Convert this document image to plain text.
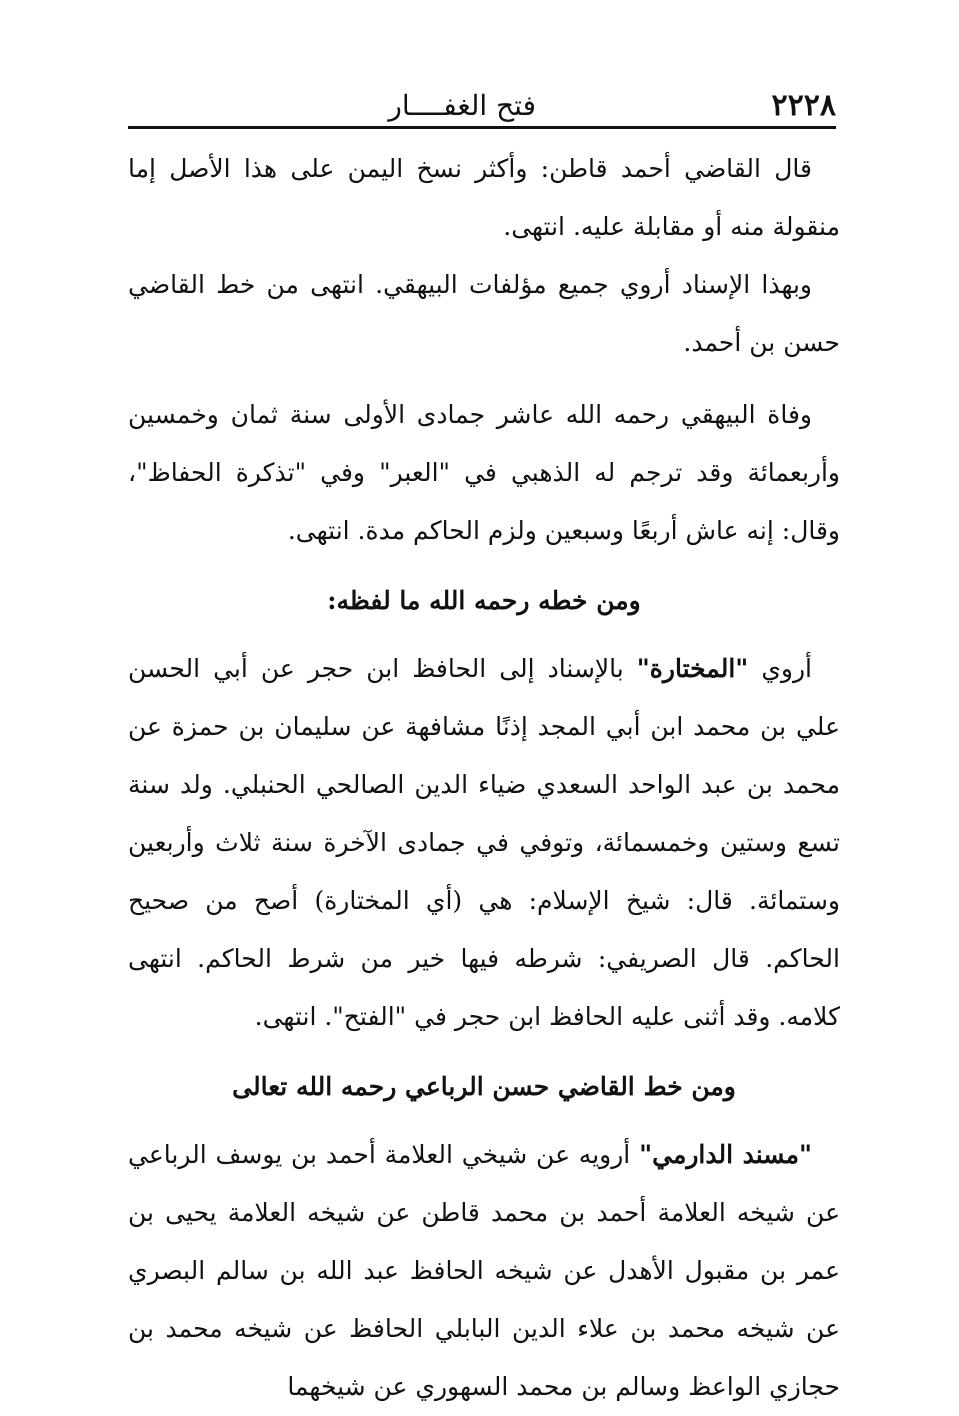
٢٢٢٨
فتح الغفــــار

قال القاضي أحمد قاطن: وأكثر نسخ اليمن على هذا الأصل إما منقولة منه أو مقابلة عليه. انتهى.

وبهذا الإسناد أروي جميع مؤلفات البيهقي. انتهى من خط القاضي حسن بن أحمد.

وفاة البيهقي رحمه الله عاشر جمادى الأولى سنة ثمان وخمسين وأربعمائة وقد ترجم له الذهبي في "العبر" وفي "تذكرة الحفاظ"، وقال: إنه عاش أربعًا وسبعين ولزم الحاكم مدة. انتهى.

ومن خطه رحمه الله ما لفظه:

أروي "المختارة" بالإسناد إلى الحافظ ابن حجر عن أبي الحسن علي بن محمد ابن أبي المجد إذنًا مشافهة عن سليمان بن حمزة عن محمد بن عبد الواحد السعدي ضياء الدين الصالحي الحنبلي. ولد سنة تسع وستين وخمسمائة، وتوفي في جمادى الآخرة سنة ثلاث وأربعين وستمائة. قال: شيخ الإسلام: هي (أي المختارة) أصح من صحيح الحاكم. قال الصريفي: شرطه فيها خير من شرط الحاكم. انتهى كلامه. وقد أثنى عليه الحافظ ابن حجر في "الفتح". انتهى.

ومن خط القاضي حسن الرباعي رحمه الله تعالى

"مسند الدارمي" أرويه عن شيخي العلامة أحمد بن يوسف الرباعي عن شيخه العلامة أحمد بن محمد قاطن عن شيخه العلامة يحيى بن عمر بن مقبول الأهدل عن شيخه الحافظ عبد الله بن سالم البصري عن شيخه محمد بن علاء الدين البابلي الحافظ عن شيخه محمد بن حجازي الواعظ وسالم بن محمد السهوري عن شيخهما
